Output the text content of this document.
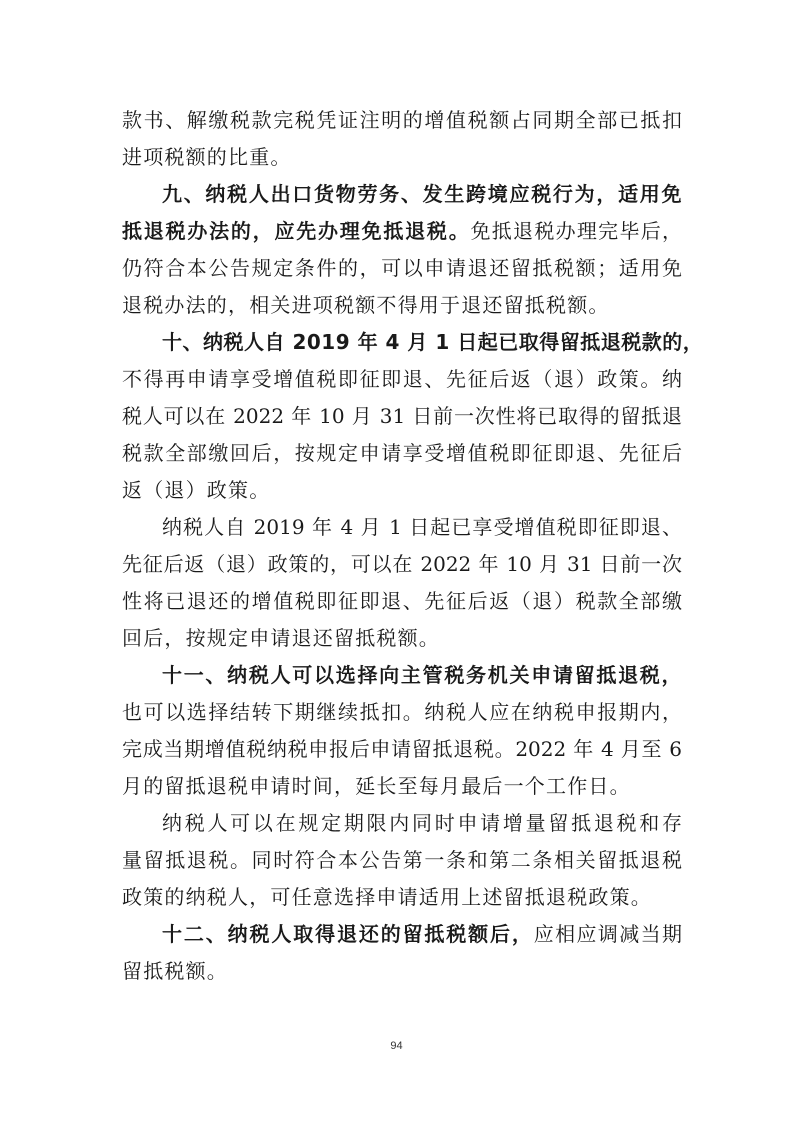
款书、解缴税款完税凭证注明的增值税额占同期全部已抵扣
进项税额的比重。
九、纳税人出口货物劳务、发生跨境应税行为，适用免
抵退税办法的，应先办理免抵退税。免抵退税办理完毕后，
仍符合本公告规定条件的，可以申请退还留抵税额；适用免
退税办法的，相关进项税额不得用于退还留抵税额。
十、纳税人自 2019 年 4 月 1 日起已取得留抵退税款的，
不得再申请享受增值税即征即退、先征后返（退）政策。纳
税人可以在 2022 年 10 月 31 日前一次性将已取得的留抵退
税款全部缴回后，按规定申请享受增值税即征即退、先征后
返（退）政策。
纳税人自 2019 年 4 月 1 日起已享受增值税即征即退、
先征后返（退）政策的，可以在 2022 年 10 月 31 日前一次
性将已退还的增值税即征即退、先征后返（退）税款全部缴
回后，按规定申请退还留抵税额。
十一、纳税人可以选择向主管税务机关申请留抵退税，
也可以选择结转下期继续抵扣。纳税人应在纳税申报期内，
完成当期增值税纳税申报后申请留抵退税。2022 年 4 月至 6
月的留抵退税申请时间，延长至每月最后一个工作日。
纳税人可以在规定期限内同时申请增量留抵退税和存
量留抵退税。同时符合本公告第一条和第二条相关留抵退税
政策的纳税人，可任意选择申请适用上述留抵退税政策。
十二、纳税人取得退还的留抵税额后，应相应调减当期
留抵税额。
94
